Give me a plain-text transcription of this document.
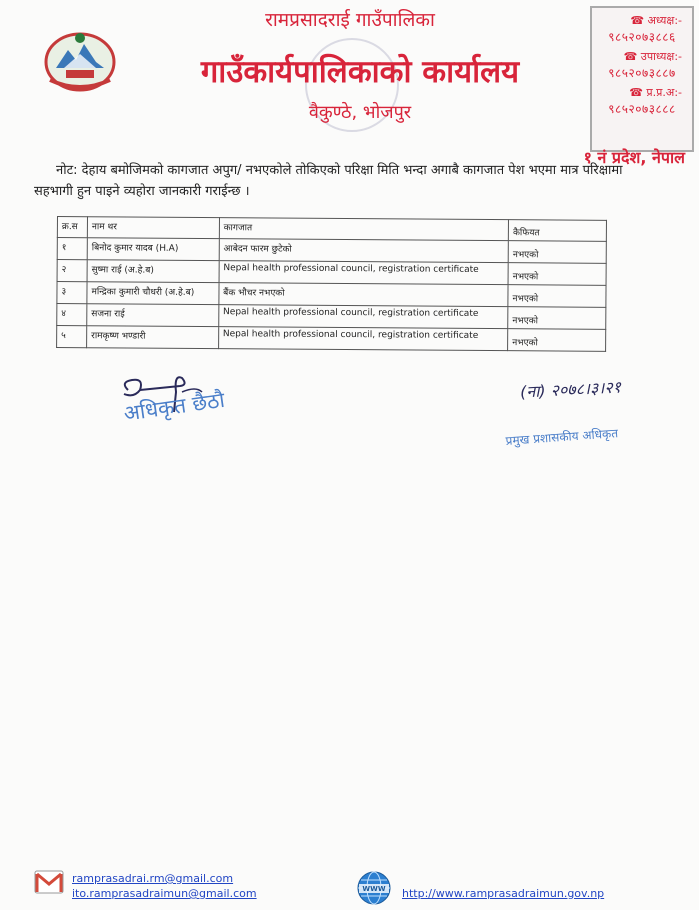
रामप्रसादराई गाउँपालिका
गाउँकार्यपालिकाको कार्यालय
वैकुण्ठे, भोजपुर
☎ अध्यक्ष:-
९८५२०७३८८६
☎ उपाध्यक्ष:-
९८५२०७३८८७
☎ प्र.प्र.अ:-
९८५२०७३८८८
१ नं प्रदेश, नेपाल
नोट: देहाय बमोजिमको कागजात अपुग/ नभएकोले तोकिएको परिक्षा मिति भन्दा अगाबै कागजात पेश भएमा मात्र परिक्षामा सहभागी हुन पाइने व्यहोरा जानकारी गराईन्छ ।
क्र.स	नाम थर	कागजात	कैफियत
१	बिनोद कुमार यादब (H.A)	आबेदन फारम छुटेको	नभएको
२	सुष्मा राई (अ.हे.ब)	Nepal health professional council, registration certificate	नभएको
३	मन्द्रिका कुमारी चौधरी (अ.हे.ब)	बैंक भौचर नभएको	नभएको
४	सजना राई	Nepal health professional council, registration certificate	नभएको
५	रामकृष्ण भण्डारी	Nepal health professional council, registration certificate	नभएको
अधिकृत छैठौ	(ना) २०७८।३।२१
प्रमुख प्रशासकीय अधिकृत
ramprasadrai.rm@gmail.com
ito.ramprasadraimun@gmail.com	WWW http://www.ramprasadraimun.gov.np
